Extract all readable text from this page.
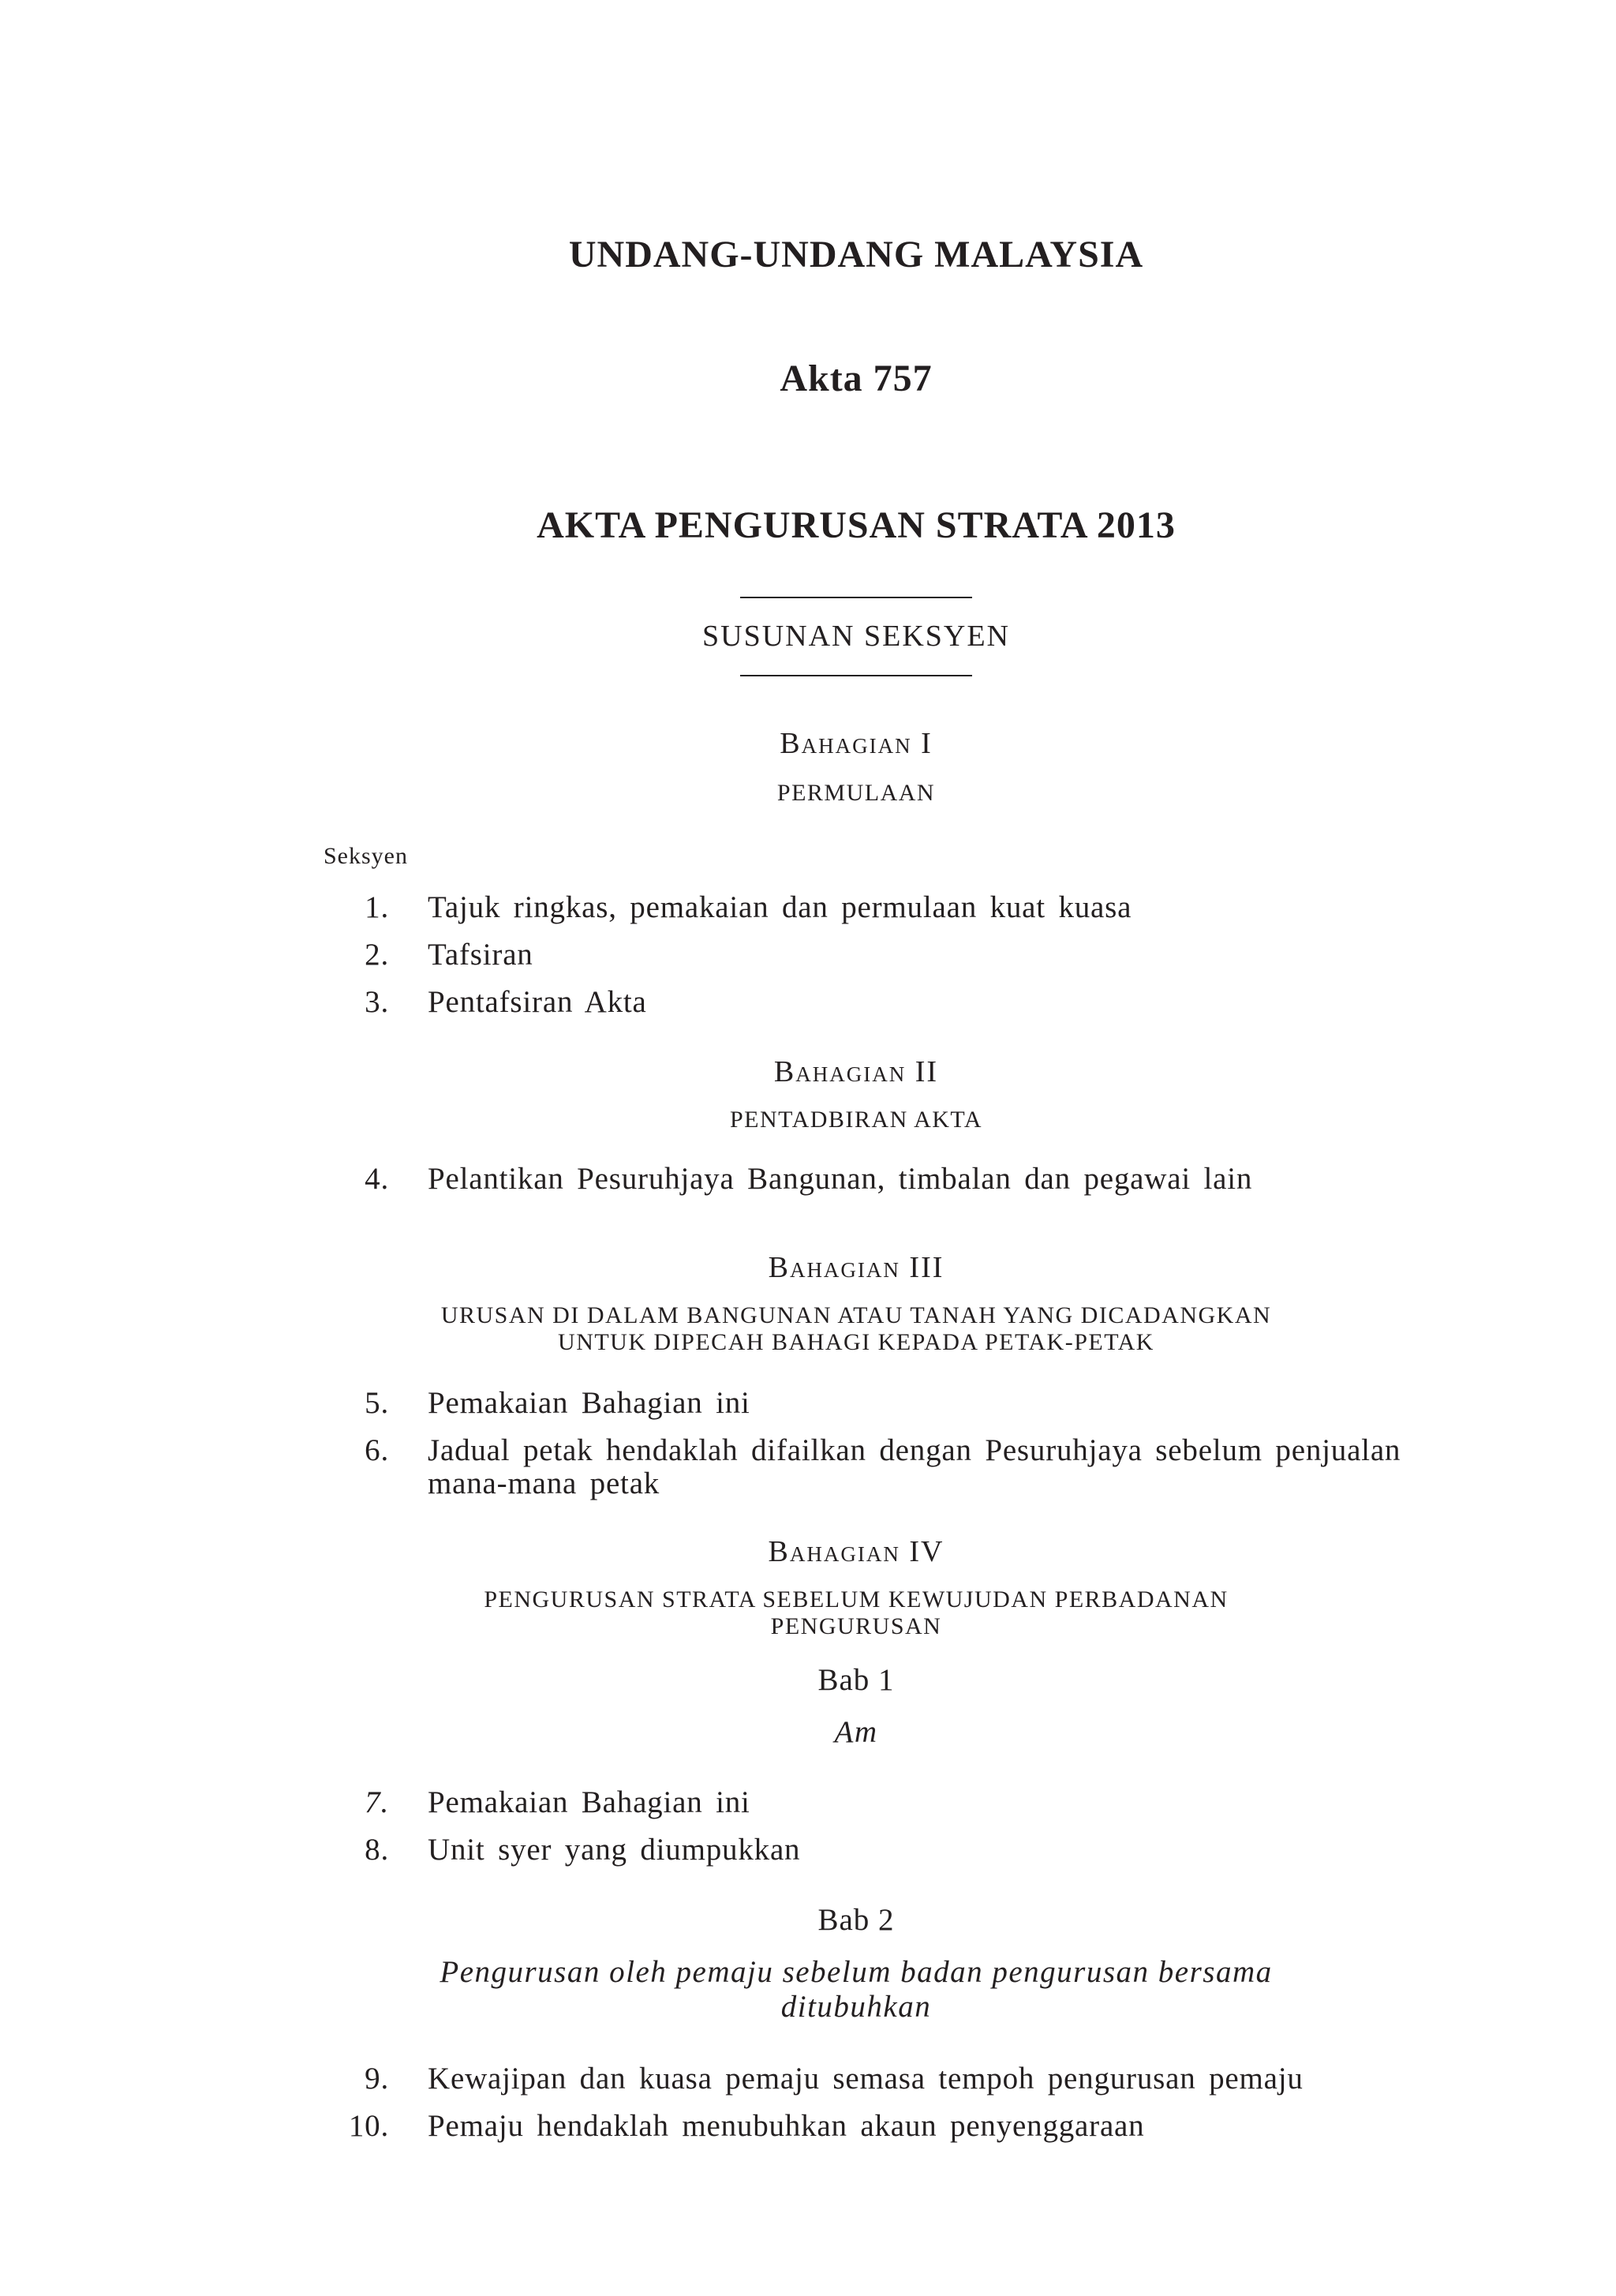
UNDANG-UNDANG MALAYSIA
Akta 757
AKTA PENGURUSAN STRATA 2013
SUSUNAN SEKSYEN
Bahagian I
PERMULAAN
Seksyen
1. Tajuk ringkas, pemakaian dan permulaan kuat kuasa
2. Tafsiran
3. Pentafsiran Akta
Bahagian II
PENTADBIRAN AKTA
4. Pelantikan Pesuruhjaya Bangunan, timbalan dan pegawai lain
Bahagian III
URUSAN DI DALAM BANGUNAN ATAU TANAH YANG DICADANGKAN
UNTUK DIPECAH BAHAGI KEPADA PETAK-PETAK
5. Pemakaian Bahagian ini
6. Jadual petak hendaklah difailkan dengan Pesuruhjaya sebelum penjualan
mana-mana petak
Bahagian IV
PENGURUSAN STRATA SEBELUM KEWUJUDAN PERBADANAN
PENGURUSAN
Bab 1
Am
7. Pemakaian Bahagian ini
8. Unit syer yang diumpukkan
Bab 2
Pengurusan oleh pemaju sebelum badan pengurusan bersama
ditubuhkan
9. Kewajipan dan kuasa pemaju semasa tempoh pengurusan pemaju
10. Pemaju hendaklah menubuhkan akaun penyenggaraan
